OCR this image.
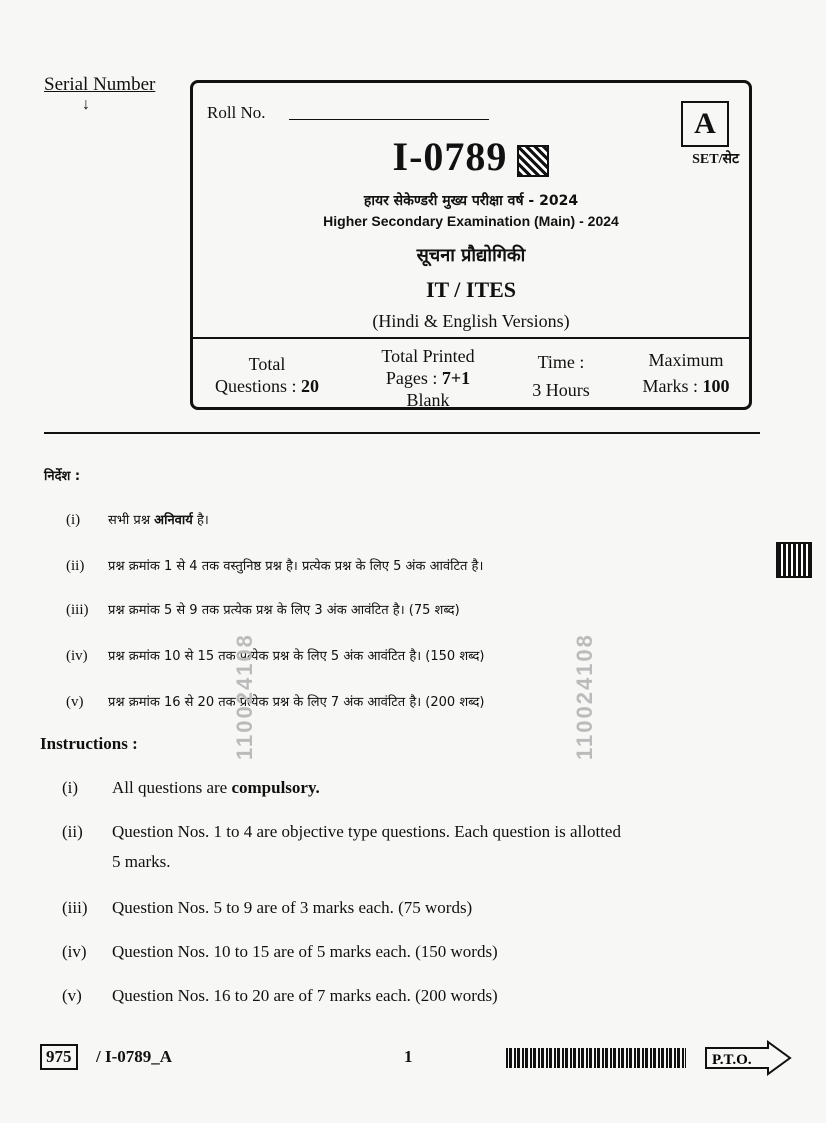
Serial Number
↓	Roll No.	A
SET/सेट
I-0789
हायर सेकेण्डरी मुख्य परीक्षा वर्ष - 2024
Higher Secondary Examination (Main) - 2024
सूचना प्रौद्योगिकी
IT / ITES
(Hindi & English Versions)
Total
Questions : 20
Total Printed
Pages : 7+1
Blank
Time :
3 Hours
Maximum
Marks : 100
निर्देश :
(i) सभी प्रश्न अनिवार्य है।
(ii) प्रश्न क्रमांक 1 से 4 तक वस्तुनिष्ठ प्रश्न है। प्रत्येक प्रश्न के लिए 5 अंक आवंटित है।
(iii) प्रश्न क्रमांक 5 से 9 तक प्रत्येक प्रश्न के लिए 3 अंक आवंटित है। (75 शब्द)
(iv) प्रश्न क्रमांक 10 से 15 तक प्रत्येक प्रश्न के लिए 5 अंक आवंटित है। (150 शब्द)
(v) प्रश्न क्रमांक 16 से 20 तक प्रत्येक प्रश्न के लिए 7 अंक आवंटित है। (200 शब्द)
Instructions :
(i) All questions are compulsory.
(ii) Question Nos. 1 to 4 are objective type questions. Each question is allotted
5 marks.
(iii) Question Nos. 5 to 9 are of 3 marks each. (75 words)
(iv) Question Nos. 10 to 15 are of 5 marks each. (150 words)
(v) Question Nos. 16 to 20 are of 7 marks each. (200 words)
110024108	110024108
975	/ I-0789_A	1	P.T.O.
